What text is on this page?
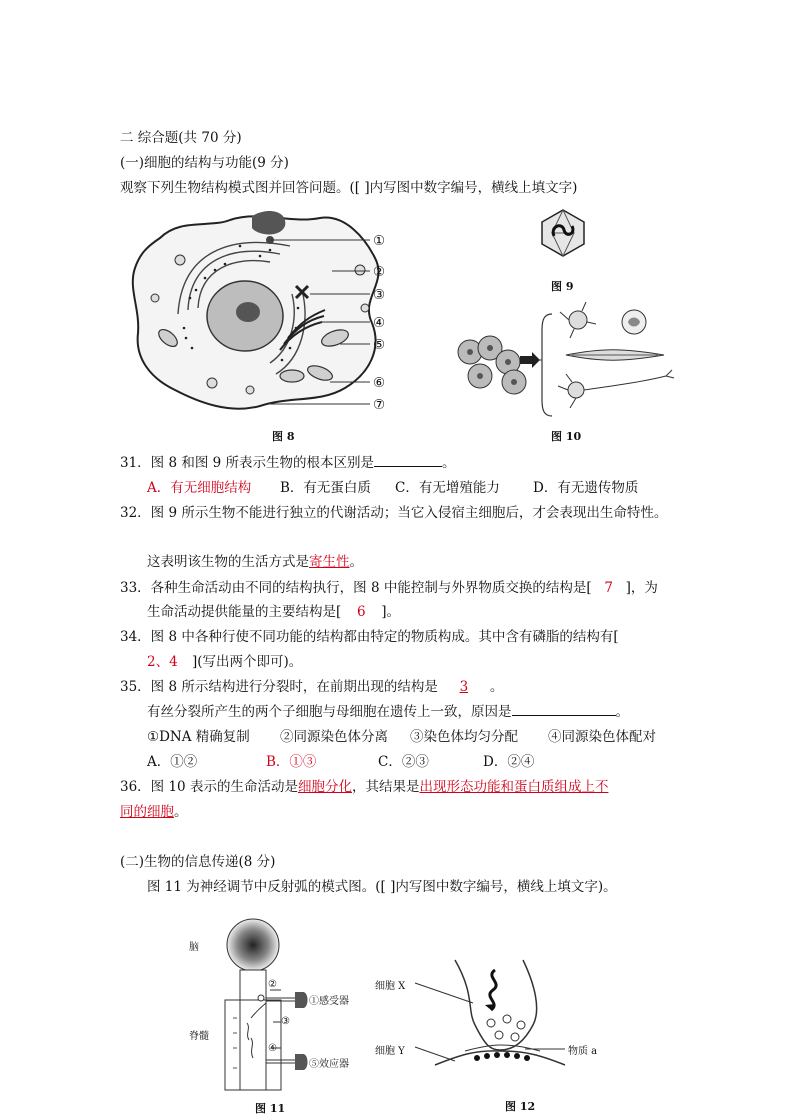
二 综合题(共 70 分)
(一)细胞的结构与功能(9 分)
观察下列生物结构模式图并回答问题。([ ]内写图中数字编号，横线上填文字)
①
②
③
④
⑤
⑥
⑦
图 8
图 9
图 10
31．图 8 和图 9 所表示生物的根本区别是	。
A．有无细胞结构 B．有无蛋白质 C．有无增殖能力 D．有无遗传物质
32．图 9 所示生物不能进行独立的代谢活动；当它入侵宿主细胞后，才会表现出生命特性。
这表明该生物的生活方式是寄生性。
33．各种生命活动由不同的结构执行，图 8 中能控制与外界物质交换的结构是[ 7 ]，为
生命活动提供能量的主要结构是[ 6 ]。
34．图 8 中各种行使不同功能的结构都由特定的物质构成。其中含有磷脂的结构有[
2、4 ](写出两个即可)。
35．图 8 所示结构进行分裂时，在前期出现的结构是 3 。
有丝分裂所产生的两个子细胞与母细胞在遗传上一致，原因是	。
①DNA 精确复制 ②同源染色体分离 ③染色体均匀分配 ④同源染色体配对
A．①②	B．①③	C．②③	D．②④
36．图 10 表示的生命活动是细胞分化，其结果是出现形态功能和蛋白质组成上不
同的细胞。
(二)生物的信息传递(8 分)
图 11 为神经调节中反射弧的模式图。([ ]内写图中数字编号，横线上填文字)。
脑
脊髓
②
①感受器
③
④
⑤效应器
图 11
细胞 X
细胞 Y	物质 a
图 12
